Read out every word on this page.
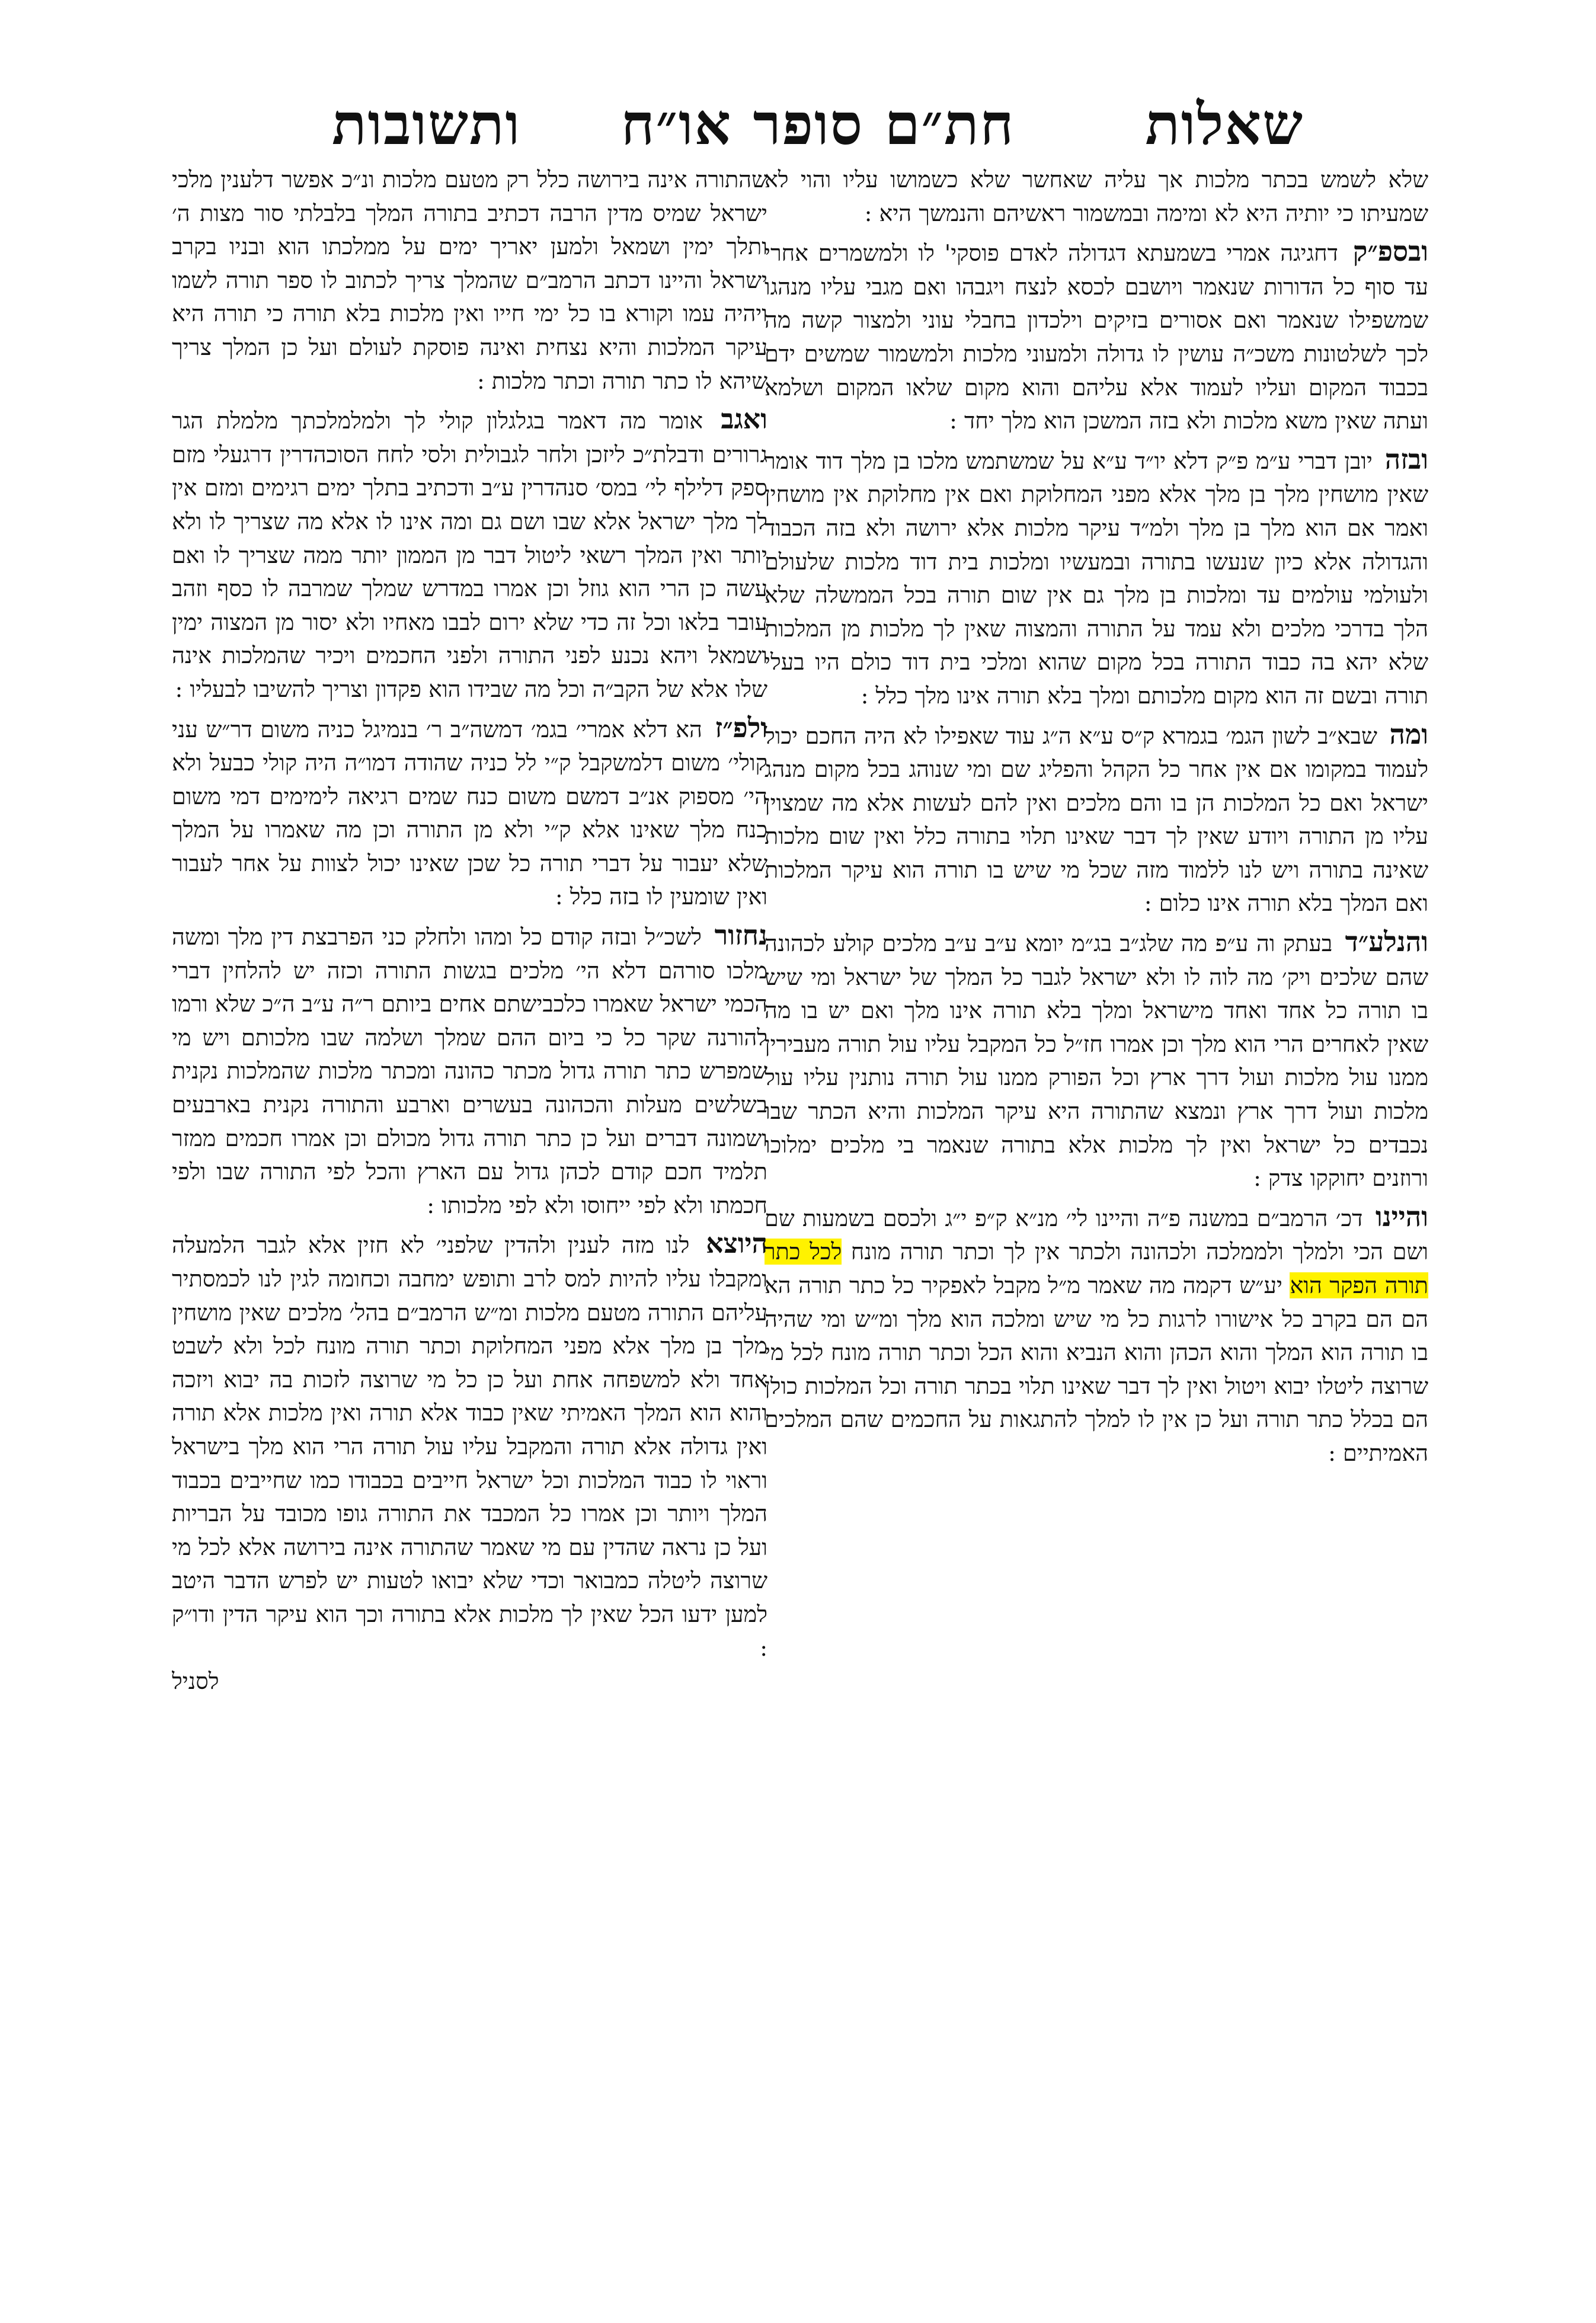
שאלות
חת״ם סופר או״ח
ותשובות

שלא לשמש בכתר מלכות אך עליה שאחשר שלא כשמושו עליו והוי לא שמעיתו כי יותיה היא לא ומימה ובמשמור ראשיהם והנמשך היא :

ובספ״ק דחגיגה אמרי בשמעתא דגדולה לאדם פוסקי' לו ולמשמרים אחרי עד סוף כל הדורות שנאמר ויושבם לכסא לנצח ויגבהו ואם מגבי עליו מנהגו שמשפילו שנאמר ואם אסורים בזיקים וילכדון בחבלי עוני ולמצור קשה מה לכך לשלטונות משכ״ה עושין לו גדולה ולמעוני מלכות ולמשמור שמשים ידם בכבוד המקום ועליו לעמוד אלא עליהם והוא מקום שלאו המקום ושלמא ועתה שאין משא מלכות ולא בזה המשכן הוא מלך יחד :

ובזה יובן דברי ע״מ פ״ק דלא יו״ד ע״א על שמשתמש מלכו בן מלך דוד אומר שאין מושחין מלך בן מלך אלא מפני המחלוקת ואם אין מחלוקת אין מושחין ואמר אם הוא מלך בן מלך ולמ״ד עיקר מלכות אלא ירושה ולא בזה הכבוד והגדולה אלא כיון שנעשו בתורה ובמעשיו ומלכות בית דוד מלכות שלעולם ולעולמי עולמים עד ומלכות בן מלך גם אין שום תורה בכל הממשלה שלא הלך בדרכי מלכים ולא עמד על התורה והמצוה שאין לך מלכות מן המלכות שלא יהא בה כבוד התורה בכל מקום שהוא ומלכי בית דוד כולם היו בעלי תורה ובשם זה הוא מקום מלכותם ומלך בלא תורה אינו מלך כלל :

ומה שבא״ב לשון הגמ׳ בגמרא ק״ס ע״א ה״ג עוד שאפילו לא היה החכם יכול לעמוד במקומו אם אין אחר כל הקהל והפליג שם ומי שנוהג בכל מקום מנהג ישראל ואם כל המלכות הן בו והם מלכים ואין להם לעשות אלא מה שמצוין עליו מן התורה ויודע שאין לך דבר שאינו תלוי בתורה כלל ואין שום מלכות שאינה בתורה ויש לנו ללמוד מזה שכל מי שיש בו תורה הוא עיקר המלכות ואם המלך בלא תורה אינו כלום :

והנלע״ד בעתק וה ע״פ מה שלג״ב בג״מ יומא ע״ב ע״ב מלכים קולע לכהונה שהם שלכים ויק׳ מה לוה לו ולא ישראל לגבר כל המלך של ישראל ומי שיש בו תורה כל אחד ואחד מישראל ומלך בלא תורה אינו מלך ואם יש בו מה שאין לאחרים הרי הוא מלך וכן אמרו חז״ל כל המקבל עליו עול תורה מעבירין ממנו עול מלכות ועול דרך ארץ וכל הפורק ממנו עול תורה נותנין עליו עול מלכות ועול דרך ארץ ונמצא שהתורה היא עיקר המלכות והיא הכתר שבו נכבדים כל ישראל ואין לך מלכות אלא בתורה שנאמר בי מלכים ימלוכו ורוזנים יחוקקו צדק :

והיינו דכ׳ הרמב״ם במשנה פ״ה והיינו לי׳ מנ״א ק״פ י״ג ולכסם בשמעות שם ושם הכי ולמלך ולממלכה ולכהונה ולכתר אין לך וכתר תורה מונח לכל כתר תורה הפקר הוא יע״ש דקמה מה שאמר מ״ל מקבל לאפקיר כל כתר תורה הא הם הם בקרב כל אישורו לרגות כל מי שיש ומלכה הוא מלך ומ״ש ומי שהיה בו תורה הוא המלך והוא הכהן והוא הנביא והוא הכל וכתר תורה מונח לכל מי שרוצה ליטלו יבוא ויטול ואין לך דבר שאינו תלוי בכתר תורה וכל המלכות כולן הם בכלל כתר תורה ועל כן אין לו למלך להתגאות על החכמים שהם המלכים האמיתיים :

שהתורה אינה בירושה כלל רק מטעם מלכות ונ״כ אפשר דלענין מלכי ישראל שמיס מדין הרבה דכתיב בתורה המלך בלבלתי סור מצות ה׳ ותלך ימין ושמאל ולמען יאריך ימים על ממלכתו הוא ובניו בקרב ישראל והיינו דכתב הרמב״ם שהמלך צריך לכתוב לו ספר תורה לשמו ויהיה עמו וקורא בו כל ימי חייו ואין מלכות בלא תורה כי תורה היא עיקר המלכות והיא נצחית ואינה פוסקת לעולם ועל כן המלך צריך שיהא לו כתר תורה וכתר מלכות :

ואגב אומר מה דאמר בגלגלון קולי לך ולמלמלכתך מלמלת הגר גרורים ודבלת״כ ליזכן ולחר לגבולית ולסי לחח הסוכהדרין דרגעלי מזם ספק דלילף לי׳ במס׳ סנהדרין ע״ב ודכתיב בתלך ימים רגימים ומזם אין לך מלך ישראל אלא שבו ושם גם ומה אינו לו אלא מה שצריך לו ולא יותר ואין המלך רשאי ליטול דבר מן הממון יותר ממה שצריך לו ואם עשה כן הרי הוא גוזל וכן אמרו במדרש שמלך שמרבה לו כסף וזהב עובר בלאו וכל זה כדי שלא ירום לבבו מאחיו ולא יסור מן המצוה ימין ושמאל ויהא נכנע לפני התורה ולפני החכמים ויכיר שהמלכות אינה שלו אלא של הקב״ה וכל מה שבידו הוא פקדון וצריך להשיבו לבעליו :

ולפ״ז הא דלא אמרי׳ בגמ׳ דמשה״ב ר׳ בנמיגל כניה משום דר״ש עני קולי׳ משום דלמשקבל ק״י לל כניה שהודה דמו״ה היה קולי כבעל ולא הי׳ מספוק אנ״ב דמשם משום כנח שמים רגיאה לימימים דמי משום כנח מלך שאינו אלא ק״י ולא מן התורה וכן מה שאמרו על המלך שלא יעבור על דברי תורה כל שכן שאינו יכול לצוות על אחר לעבור ואין שומעין לו בזה כלל :

נחזור לשכ״ל ובזה קודם כל ומהו ולחלק כני הפרבצת דין מלך ומשה מלכו סורהם דלא הי׳ מלכים בגשות התורה וכזה יש להלחין דברי הכמי ישראל שאמרו כלכבישתם אחים ביותם ר״ה ע״ב ה״כ שלא ורמו להורנה שקר כל כי ביום ההם שמלך ושלמה שבו מלכותם ויש מי שמפרש כתר תורה גדול מכתר כהונה ומכתר מלכות שהמלכות נקנית בשלשים מעלות והכהונה בעשרים וארבע והתורה נקנית בארבעים ושמונה דברים ועל כן כתר תורה גדול מכולם וכן אמרו חכמים ממזר תלמיד חכם קודם לכהן גדול עם הארץ והכל לפי התורה שבו ולפי חכמתו ולא לפי ייחוסו ולא לפי מלכותו :

היוצא לנו מזה לענין ולהדין שלפני׳ לא חזין אלא לגבר הלמעלה ומקבלו עליו להיות למס לרב ותופש ימחבה וכחומה לגין לנו לכמסתיר עליהם התורה מטעם מלכות ומ״ש הרמב״ם בהל׳ מלכים שאין מושחין מלך בן מלך אלא מפני המחלוקת וכתר תורה מונח לכל ולא לשבט אחד ולא למשפחה אחת ועל כן כל מי שרוצה לזכות בה יבוא ויזכה והוא הוא המלך האמיתי שאין כבוד אלא תורה ואין מלכות אלא תורה ואין גדולה אלא תורה והמקבל עליו עול תורה הרי הוא מלך בישראל וראוי לו כבוד המלכות וכל ישראל חייבים בכבודו כמו שחייבים בכבוד המלך ויותר וכן אמרו כל המכבד את התורה גופו מכובד על הבריות ועל כן נראה שהדין עם מי שאמר שהתורה אינה בירושה אלא לכל מי שרוצה ליטלה כמבואר וכדי שלא יבואו לטעות יש לפרש הדבר היטב למען ידעו הכל שאין לך מלכות אלא בתורה וכך הוא עיקר הדין ודו״ק :

לסניל
